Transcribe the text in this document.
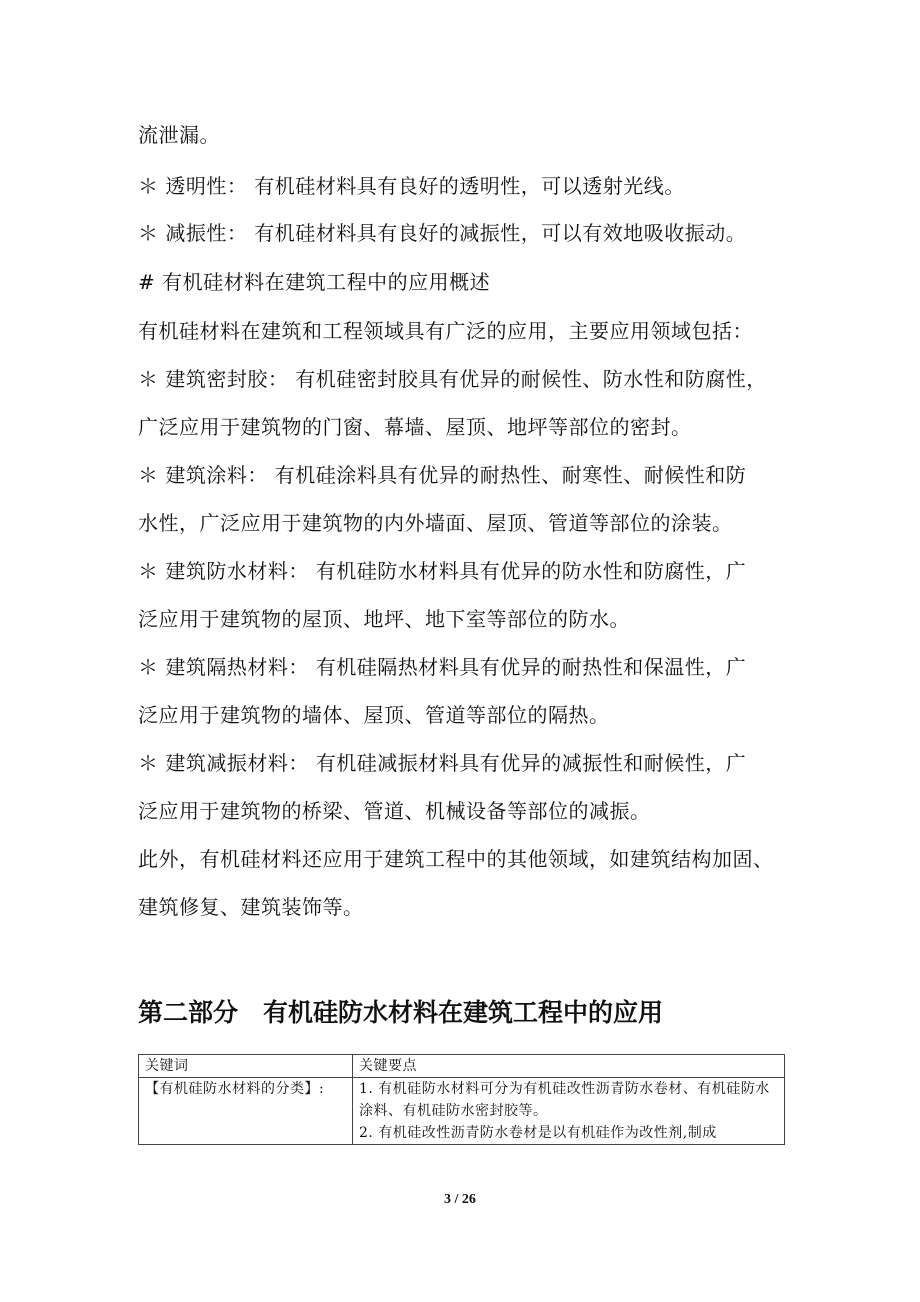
流泄漏。
＊ 透明性： 有机硅材料具有良好的透明性，可以透射光线。
＊ 减振性： 有机硅材料具有良好的减振性，可以有效地吸收振动。
# 有机硅材料在建筑工程中的应用概述
有机硅材料在建筑和工程领域具有广泛的应用，主要应用领域包括：
＊ 建筑密封胶： 有机硅密封胶具有优异的耐候性、防水性和防腐性，
广泛应用于建筑物的门窗、幕墙、屋顶、地坪等部位的密封。
＊ 建筑涂料： 有机硅涂料具有优异的耐热性、耐寒性、耐候性和防
水性，广泛应用于建筑物的内外墙面、屋顶、管道等部位的涂装。
＊ 建筑防水材料： 有机硅防水材料具有优异的防水性和防腐性，广
泛应用于建筑物的屋顶、地坪、地下室等部位的防水。
＊ 建筑隔热材料： 有机硅隔热材料具有优异的耐热性和保温性，广
泛应用于建筑物的墙体、屋顶、管道等部位的隔热。
＊ 建筑减振材料： 有机硅减振材料具有优异的减振性和耐候性，广
泛应用于建筑物的桥梁、管道、机械设备等部位的减振。
此外，有机硅材料还应用于建筑工程中的其他领域，如建筑结构加固、
建筑修复、建筑装饰等。
第二部分　有机硅防水材料在建筑工程中的应用
关键词	关键要点
【有机硅防水材料的分类】:	1. 有机硅防水材料可分为有机硅改性沥青防水卷材、有机硅防水涂料、有机硅防水密封胶等。
2. 有机硅改性沥青防水卷材是以有机硅作为改性剂,制成
3 / 26
